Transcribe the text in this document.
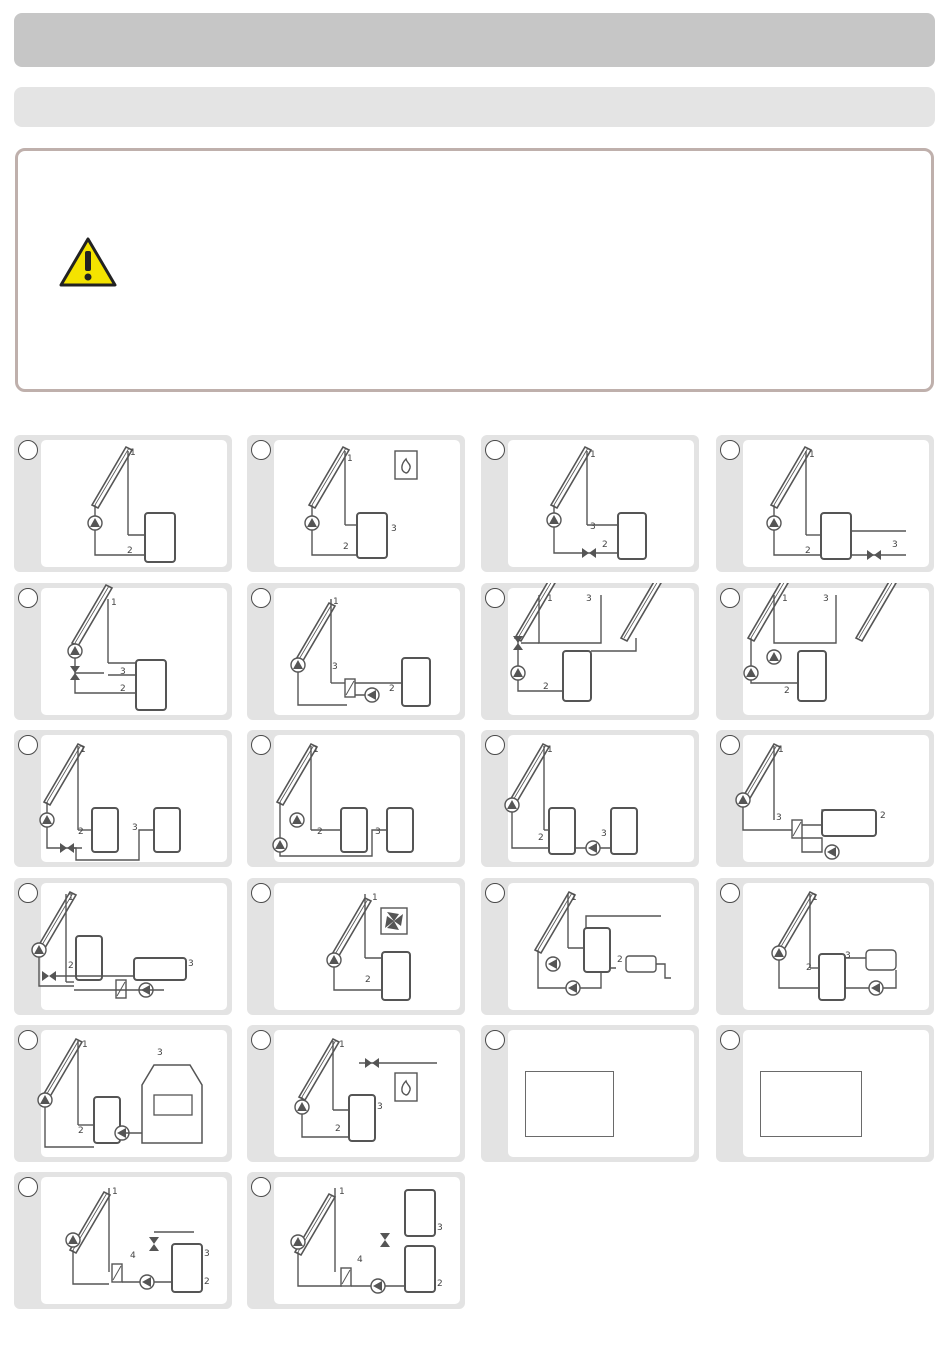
1
2
1
2
3
1
2
3
1
2
3
1
3
2
1
3
2
1	3
2
1	3
2
1
2	3
1
2	3
1
2	3
1
3	2
1
2	3
1
2
1
2
1
3
2
1
3
2
1
3
2
4
1
3
2
4
1
3
2
